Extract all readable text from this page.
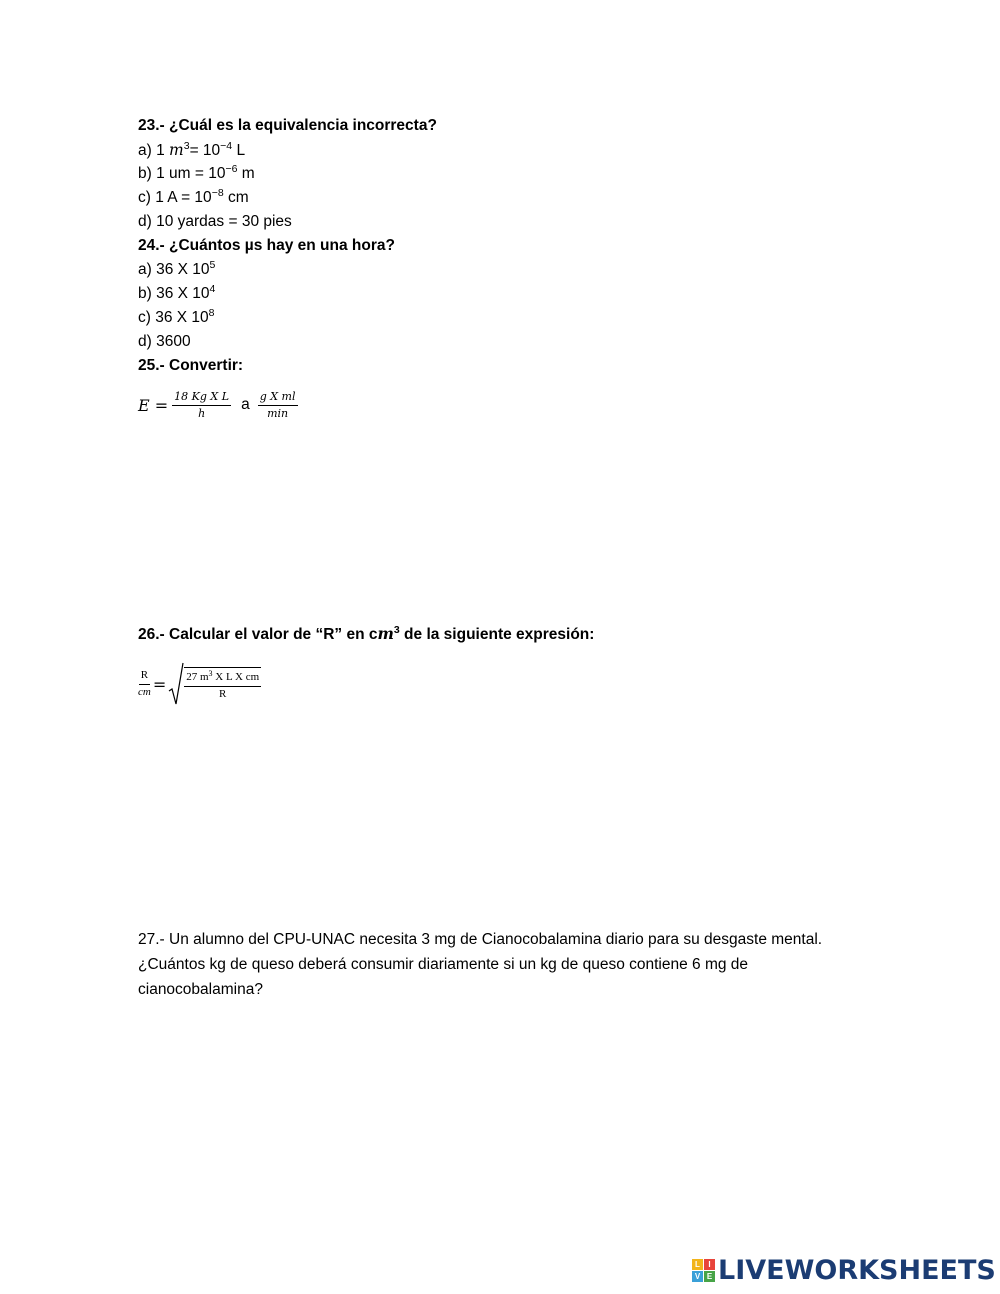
23.- ¿Cuál es la equivalencia incorrecta?
a) 1 $m^3= 10^{-4}$ L
b) 1 um = $10^{-6}$ m
c) 1 $A = 10^{-8}$ cm
d) 10 yardas = 30 pies
24.- ¿Cuántos µs hay en una hora?
a) 36 X $10^5$
b) 36 X $10^4$
c) 36 X $10^8$
d) 3600
25.- Convertir:
$E = \frac{\text{18 Kg X L}}{h}$ a $\frac{\text{g X ml}}{\min}$
26.- Calcular el valor de “R” en $cm^3$ de la siguiente expresión:
$\frac{R}{cm} = \frac{27 m^3 X L X cm}{R}$
27.- Un alumno del CPU-UNAC necesita 3 mg de Cianocobalamina diario para su desgaste mental. ¿Cuántos kg de queso deberá consumir diariamente si un kg de queso contiene 6 mg de cianocobalamina?
L	I
V E LIVEWORKSHEETS
